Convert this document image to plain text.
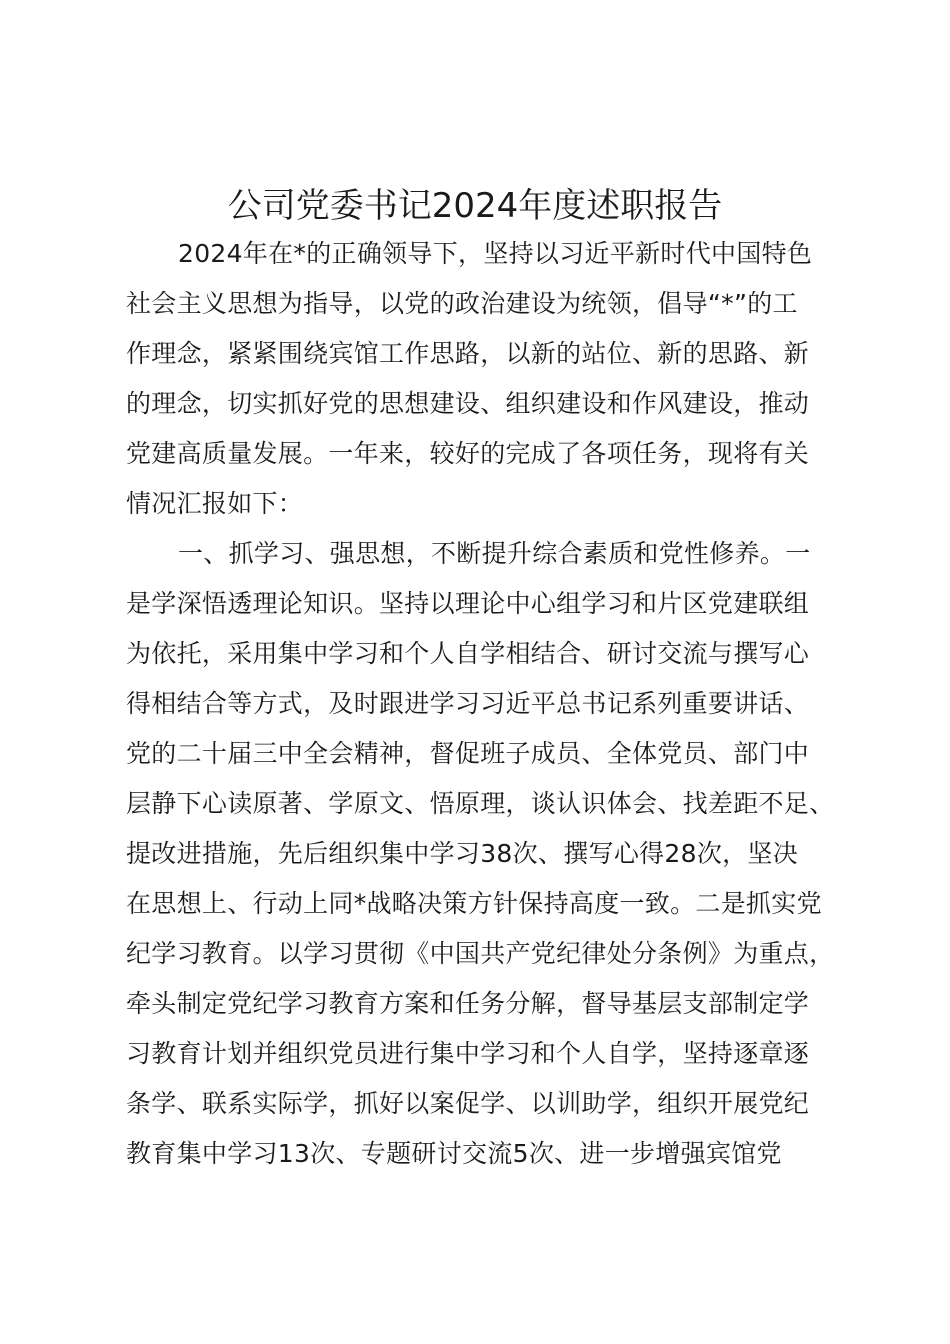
公司党委书记2024年度述职报告
2024年在*的正确领导下，坚持以习近平新时代中国特色
社会主义思想为指导，以党的政治建设为统领，倡导“*”的工
作理念，紧紧围绕宾馆工作思路，以新的站位、新的思路、新
的理念，切实抓好党的思想建设、组织建设和作风建设，推动
党建高质量发展。一年来，较好的完成了各项任务，现将有关
情况汇报如下：
一、抓学习、强思想，不断提升综合素质和党性修养。一
是学深悟透理论知识。坚持以理论中心组学习和片区党建联组
为依托，采用集中学习和个人自学相结合、研讨交流与撰写心
得相结合等方式，及时跟进学习习近平总书记系列重要讲话、
党的二十届三中全会精神，督促班子成员、全体党员、部门中
层静下心读原著、学原文、悟原理，谈认识体会、找差距不足、
提改进措施，先后组织集中学习38次、撰写心得28次，坚决
在思想上、行动上同*战略决策方针保持高度一致。二是抓实党
纪学习教育。以学习贯彻《中国共产党纪律处分条例》为重点，
牵头制定党纪学习教育方案和任务分解，督导基层支部制定学
习教育计划并组织党员进行集中学习和个人自学，坚持逐章逐
条学、联系实际学，抓好以案促学、以训助学，组织开展党纪
教育集中学习13次、专题研讨交流5次、进一步增强宾馆党
